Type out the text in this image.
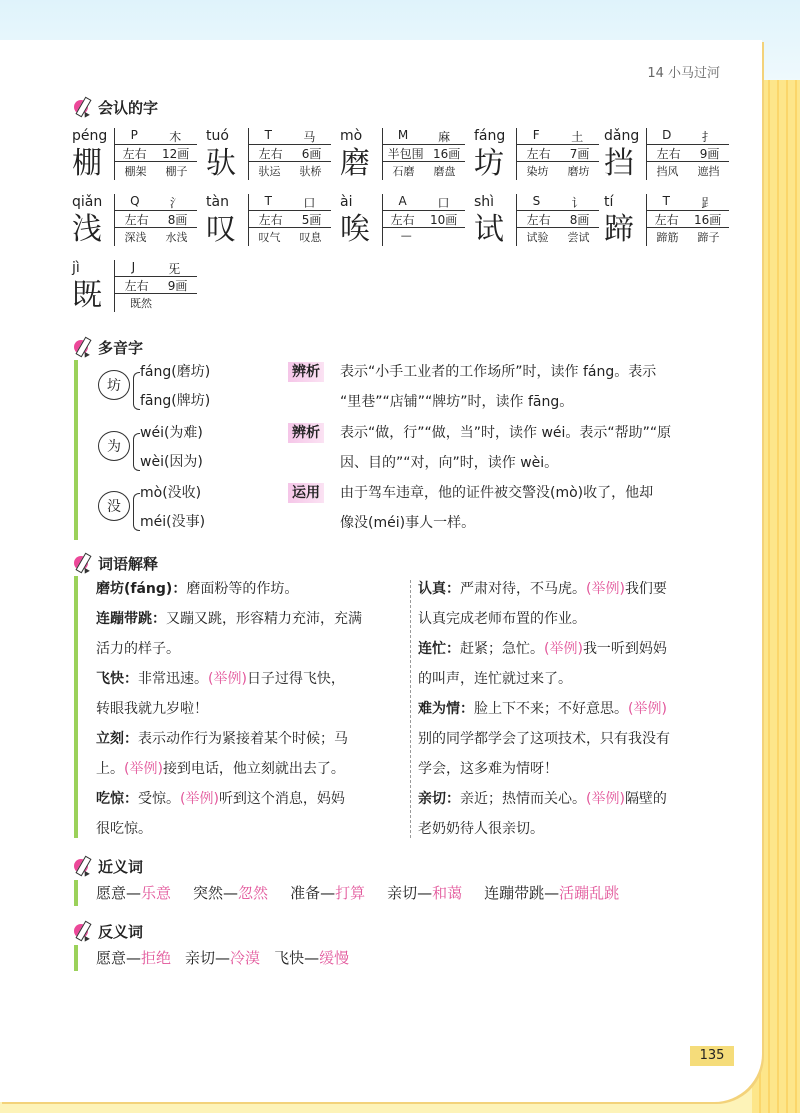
14 小马过河
会认的字
péng
棚
P	木
左右 12画
棚架 棚子
tuó
驮
T	马
左右 6画
驮运 驮桥
mò
磨
M 麻
半包围 16画
石磨 磨盘
fáng
坊
F	土
左右 7画
染坊 磨坊
dǎng
挡
D	扌
左右 9画
挡风 遮挡
qiǎn
浅
Q	氵
左右 8画
深浅 水浅
tàn
叹
T	口
左右 5画
叹气 叹息
ài
唉
A	口
左右 10画
—
shì
试
S	讠
左右 8画
试验 尝试
tí
蹄
T	𧾷
左右 16画
蹄筋 蹄子
jì
既
J	旡
左右 9画
既然
多音字
坊
fáng(磨坊)
fāng(牌坊)
辨析 表示“小手工业者的工作场所”时，读作 fáng。表示
“里巷”“店铺”“牌坊”时，读作 fāng。
为
wéi(为难)
wèi(因为)
辨析 表示“做，行”“做，当”时，读作 wéi。表示“帮助”“原
因、目的”“对，向”时，读作 wèi。
没
mò(没收)
méi(没事)
运用 由于驾车违章，他的证件被交警没(mò)收了，他却
像没(méi)事人一样。
词语解释
磨坊(fáng)：磨面粉等的作坊。
连蹦带跳：又蹦又跳，形容精力充沛，充满
活力的样子。
飞快：非常迅速。(举例)日子过得飞快，
转眼我就九岁啦！
立刻：表示动作行为紧接着某个时候；马
上。(举例)接到电话，他立刻就出去了。
吃惊：受惊。(举例)听到这个消息，妈妈
很吃惊。
认真：严肃对待，不马虎。(举例)我们要
认真完成老师布置的作业。
连忙：赶紧；急忙。(举例)我一听到妈妈
的叫声，连忙就过来了。
难为情：脸上下不来；不好意思。(举例)
别的同学都学会了这项技术，只有我没有
学会，这多难为情呀！
亲切：亲近；热情而关心。(举例)隔壁的
老奶奶待人很亲切。
近义词
愿意—乐意 突然—忽然 准备—打算 亲切—和蔼 连蹦带跳—活蹦乱跳
反义词
愿意—拒绝 亲切—冷漠 飞快—缓慢
135
